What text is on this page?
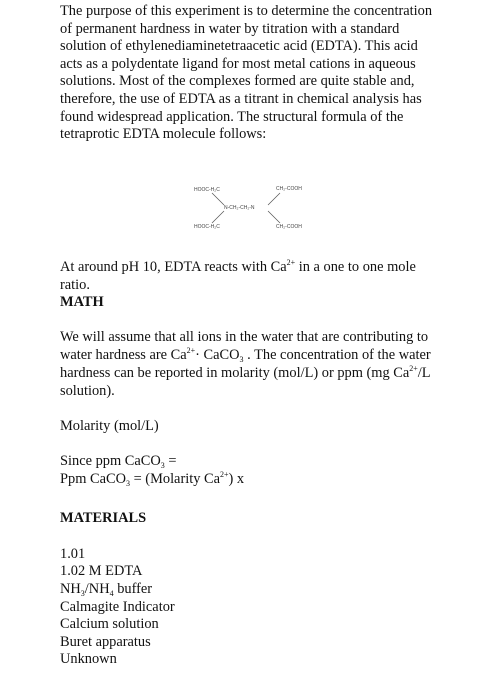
The purpose of this experiment is to determine the concentration
of permanent hardness in water by titration with a standard
solution of ethylenediaminetetraacetic acid (EDTA). This acid
acts as a polydentate ligand for most metal cations in aqueous
solutions. Most of the complexes formed are quite stable and,
therefore, the use of EDTA as a titrant in chemical analysis has
found widespread application. The structural formula of the
tetraprotic EDTA molecule follows:
HOOC-H₂C	CH₂-COOH
N-CH₂-CH₂-N
HOOC-H₂C	CH₂-COOH
At around pH 10, EDTA reacts with $Ca^{2+}$ in a one to one mole
ratio.
MATH
We will assume that all ions in the water that are contributing to
water hardness are $Ca^{2+}\cdot$ CaCO$_3$ . The concentration of the water
hardness can be reported in molarity (mol/L) or ppm (mg $Ca^{2+}/L$
solution).
Molarity (mol/L)
Since ppm CaCO$_3$ =
Ppm CaCO$_3$ = (Molarity $Ca^{2+}$) x
MATERIALS
1.01
1.02 M EDTA
$NH_3/NH_4$ buffer
Calmagite Indicator
Calcium solution
Buret apparatus
Unknown
